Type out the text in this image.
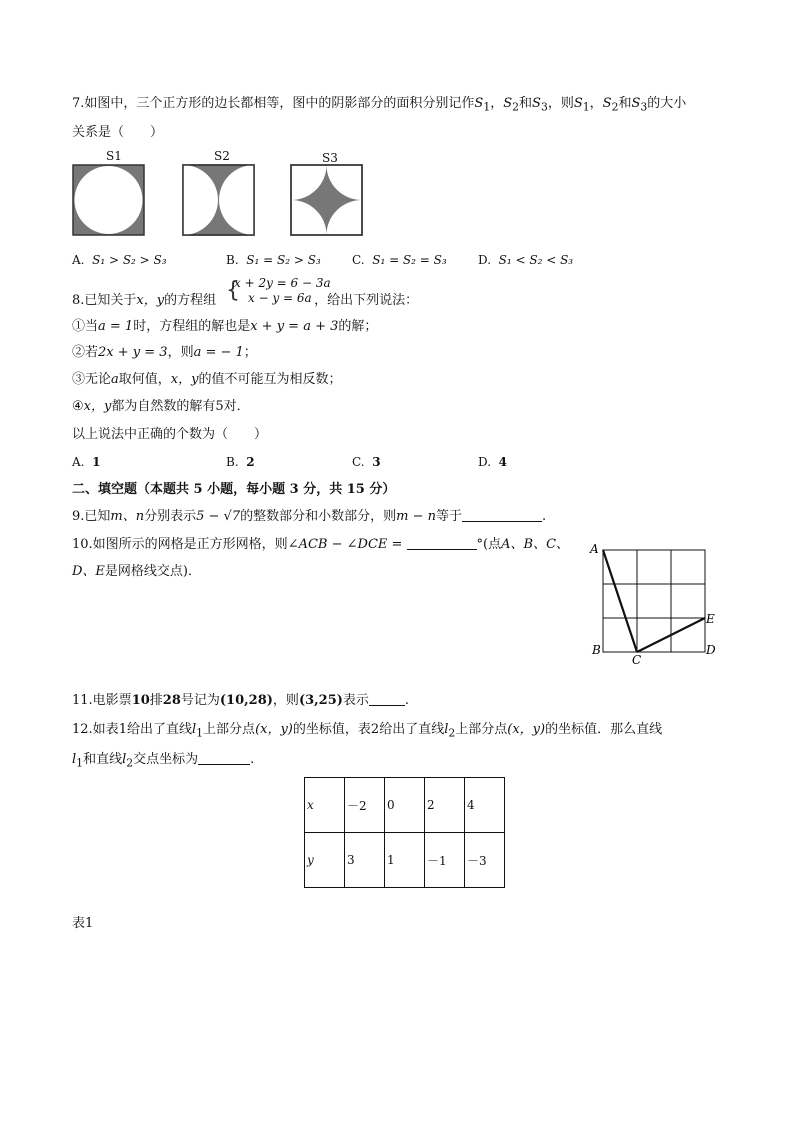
7.如图中，三个正方形的边长都相等，图中的阴影部分的面积分别记作$S_1$，$S_2$和$S_3$，则$S_1$，$S_2$和$S_3$的大小
关系是（　　）
S1	S2	S3
A. S₁ > S₂ > S₃	B. S₁ = S₂ > S₃	C. S₁ = S₂ = S₃	D. S₁ < S₂ < S₃
8.已知关于x，y的方程组	，给出下列说法：
{
x + 2y = 6 − 3a
x − y = 6a
①当a = 1时，方程组的解也是x + y = a + 3的解；
②若2x + y = 3，则a = − 1；
③无论a取何值，x，y的值不可能互为相反数；
④x，y都为自然数的解有5对．
以上说法中正确的个数为（　　）
A. 1	B. 2	C. 3	D. 4
二、填空题（本题共 5 小题，每小题 3 分，共 15 分）
9.已知m、n分别表示5 − √7的整数部分和小数部分，则m − n等于	.
10.如图所示的网格是正方形网格，则∠ACB − ∠DCE =	°(点A、B、C、
D、E是网格线交点)．
A
B
C
D
E
11.电影票10排28号记为(10,28)，则(3,25)表示	.
12.如表1给出了直线$l_1$上部分点(x，y)的坐标值，表2给出了直线$l_2$上部分点(x，y)的坐标值．那么直线
$l_1$和直线$l_2$交点坐标为	.
x	－2	0	2	4
y	3	1	－1	－3
表1
